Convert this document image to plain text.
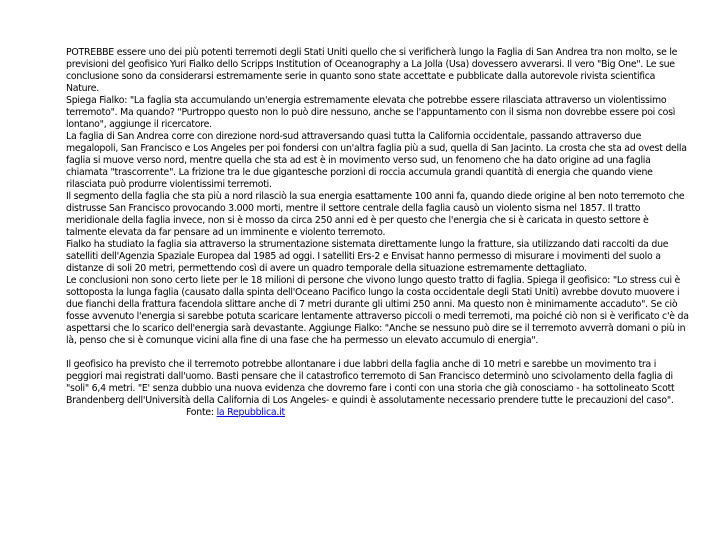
POTREBBE essere uno dei più potenti terremoti degli Stati Uniti quello che si verificherà lungo la Faglia di San Andrea tra non molto, se le previsioni del geofisico Yuri Fialko dello Scripps Institution of Oceanography a La Jolla (Usa) dovessero avverarsi. Il vero "Big One". Le sue conclusione sono da considerarsi estremamente serie in quanto sono state accettate e pubblicate dalla autorevole rivista scientifica Nature.

Spiega Fialko: "La faglia sta accumulando un'energia estremamente elevata che potrebbe essere rilasciata attraverso un violentissimo terremoto". Ma quando? "Purtroppo questo non lo può dire nessuno, anche se l'appuntamento con il sisma non dovrebbe essere poi così lontano", aggiunge il ricercatore.

La faglia di San Andrea corre con direzione nord-sud attraversando quasi tutta la California occidentale, passando attraverso due megalopoli, San Francisco e Los Angeles per poi fondersi con un'altra faglia più a sud, quella di San Jacinto. La crosta che sta ad ovest della faglia si muove verso nord, mentre quella che sta ad est è in movimento verso sud, un fenomeno che ha dato origine ad una faglia chiamata "trascorrente". La frizione tra le due gigantesche porzioni di roccia accumula grandi quantità di energia che quando viene rilasciata può produrre violentissimi terremoti.

Il segmento della faglia che sta più a nord rilasciò la sua energia esattamente 100 anni fa, quando diede origine al ben noto terremoto che distrusse San Francisco provocando 3.000 morti, mentre il settore centrale della faglia causò un violento sisma nel 1857. Il tratto meridionale della faglia invece, non si è mosso da circa 250 anni ed è per questo che l'energia che si è caricata in questo settore è talmente elevata da far pensare ad un imminente e violento terremoto.

Fialko ha studiato la faglia sia attraverso la strumentazione sistemata direttamente lungo la fratture, sia utilizzando dati raccolti da due satelliti dell'Agenzia Spaziale Europea dal 1985 ad oggi. I satelliti Ers-2 e Envisat hanno permesso di misurare i movimenti del suolo a distanze di soli 20 metri, permettendo così di avere un quadro temporale della situazione estremamente dettagliato.

Le conclusioni non sono certo liete per le 18 milioni di persone che vivono lungo questo tratto di faglia. Spiega il geofisico: "Lo stress cui è sottoposta la lunga faglia (causato dalla spinta dell'Oceano Pacifico lungo la costa occidentale degli Stati Uniti) avrebbe dovuto muovere i due fianchi della frattura facendola slittare anche di 7 metri durante gli ultimi 250 anni. Ma questo non è minimamente accaduto". Se ciò fosse avvenuto l'energia si sarebbe potuta scaricare lentamente attraverso piccoli o medi terremoti, ma poiché ciò non si è verificato c'è da aspettarsi che lo scarico dell'energia sarà devastante. Aggiunge Fialko: "Anche se nessuno può dire se il terremoto avverrà domani o più in là, penso che si è comunque vicini alla fine di una fase che ha permesso un elevato accumulo di energia".

Il geofisico ha previsto che il terremoto potrebbe allontanare i due labbri della faglia anche di 10 metri e sarebbe un movimento tra i peggiori mai registrati dall'uomo. Basti pensare che il catastrofico terremoto di San Francisco determinò uno scivolamento della faglia di "soli" 6,4 metri. "E' senza dubbio una nuova evidenza che dovremo fare i conti con una storia che già conosciamo - ha sottolineato Scott Brandenberg dell'Università della California di Los Angeles- e quindi è assolutamente necessario prendere tutte le precauzioni del caso".Fonte: la Repubblica.it
